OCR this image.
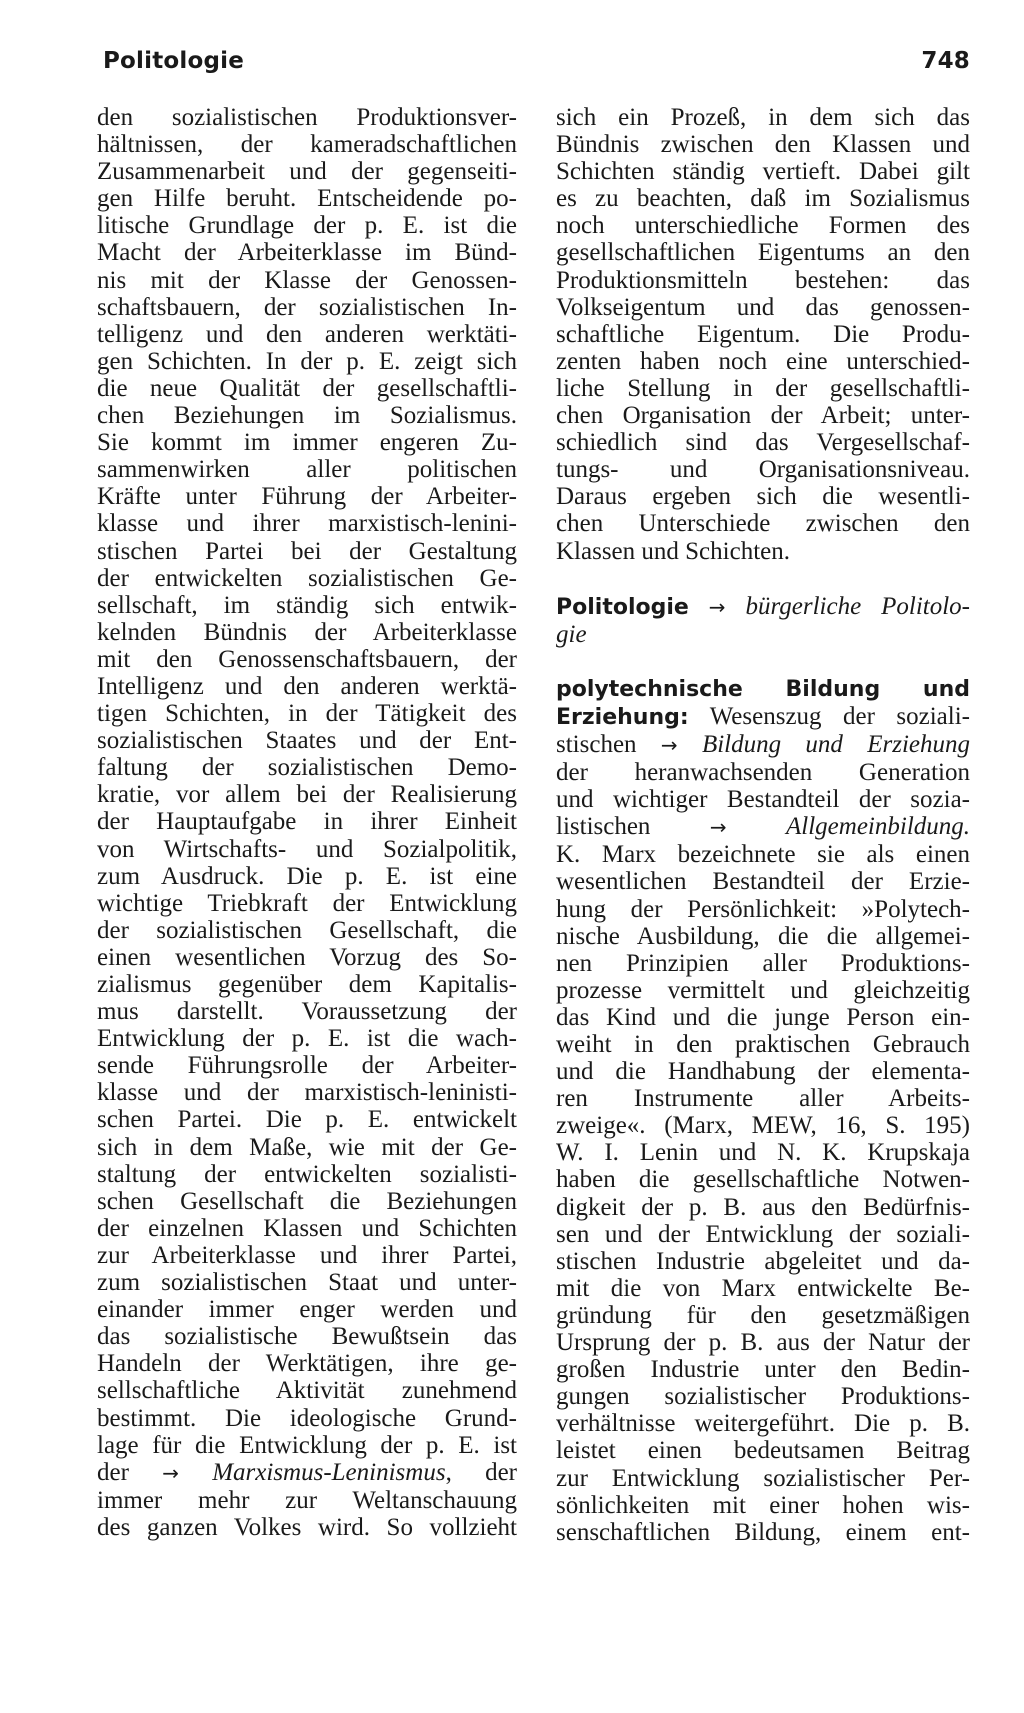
Politologie	748
den sozialistischen Produktionsver-
hältnissen, der kameradschaftlichen
Zusammenarbeit und der gegenseiti-
gen Hilfe beruht. Entscheidende po-
litische Grundlage der p. E. ist die
Macht der Arbeiterklasse im Bünd-
nis mit der Klasse der Genossen-
schaftsbauern, der sozialistischen In-
telligenz und den anderen werktäti-
gen Schichten. In der p. E. zeigt sich
die neue Qualität der gesellschaftli-
chen Beziehungen im Sozialismus.
Sie kommt im immer engeren Zu-
sammenwirken aller politischen
Kräfte unter Führung der Arbeiter-
klasse und ihrer marxistisch-lenini-
stischen Partei bei der Gestaltung
der entwickelten sozialistischen Ge-
sellschaft, im ständig sich entwik-
kelnden Bündnis der Arbeiterklasse
mit den Genossenschaftsbauern, der
Intelligenz und den anderen werktä-
tigen Schichten, in der Tätigkeit des
sozialistischen Staates und der Ent-
faltung der sozialistischen Demo-
kratie, vor allem bei der Realisierung
der Hauptaufgabe in ihrer Einheit
von Wirtschafts- und Sozialpolitik,
zum Ausdruck. Die p. E. ist eine
wichtige Triebkraft der Entwicklung
der sozialistischen Gesellschaft, die
einen wesentlichen Vorzug des So-
zialismus gegenüber dem Kapitalis-
mus darstellt. Voraussetzung der
Entwicklung der p. E. ist die wach-
sende Führungsrolle der Arbeiter-
klasse und der marxistisch-leninisti-
schen Partei. Die p. E. entwickelt
sich in dem Maße, wie mit der Ge-
staltung der entwickelten sozialisti-
schen Gesellschaft die Beziehungen
der einzelnen Klassen und Schichten
zur Arbeiterklasse und ihrer Partei,
zum sozialistischen Staat und unter-
einander immer enger werden und
das sozialistische Bewußtsein das
Handeln der Werktätigen, ihre ge-
sellschaftliche Aktivität zunehmend
bestimmt. Die ideologische Grund-
lage für die Entwicklung der p. E. ist
der → Marxismus-Leninismus, der
immer mehr zur Weltanschauung
des ganzen Volkes wird. So vollzieht
sich ein Prozeß, in dem sich das
Bündnis zwischen den Klassen und
Schichten ständig vertieft. Dabei gilt
es zu beachten, daß im Sozialismus
noch unterschiedliche Formen des
gesellschaftlichen Eigentums an den
Produktionsmitteln bestehen: das
Volkseigentum und das genossen-
schaftliche Eigentum. Die Produ-
zenten haben noch eine unterschied-
liche Stellung in der gesellschaftli-
chen Organisation der Arbeit; unter-
schiedlich sind das Vergesellschaf-
tungs- und Organisationsniveau.
Daraus ergeben sich die wesentli-
chen Unterschiede zwischen den
Klassen und Schichten.
Politologie → bürgerliche Politolo-
gie
polytechnische Bildung und
Erziehung: Wesenszug der soziali-
stischen → Bildung und Erziehung
der heranwachsenden Generation
und wichtiger Bestandteil der sozia-
listischen	→ Allgemeinbildung.
K. Marx bezeichnete sie als einen
wesentlichen Bestandteil der Erzie-
hung der Persönlichkeit: »Polytech-
nische Ausbildung, die die allgemei-
nen Prinzipien aller Produktions-
prozesse vermittelt und gleichzeitig
das Kind und die junge Person ein-
weiht in den praktischen Gebrauch
und die Handhabung der elementa-
ren Instrumente aller Arbeits-
zweige«. (Marx, MEW, 16, S. 195)
W. I. Lenin und N. K. Krupskaja
haben die gesellschaftliche Notwen-
digkeit der p. B. aus den Bedürfnis-
sen und der Entwicklung der soziali-
stischen Industrie abgeleitet und da-
mit die von Marx entwickelte Be-
gründung für den gesetzmäßigen
Ursprung der p. B. aus der Natur der
großen Industrie unter den Bedin-
gungen sozialistischer Produktions-
verhältnisse weitergeführt. Die p. B.
leistet einen bedeutsamen Beitrag
zur Entwicklung sozialistischer Per-
sönlichkeiten mit einer hohen wis-
senschaftlichen Bildung, einem ent-
